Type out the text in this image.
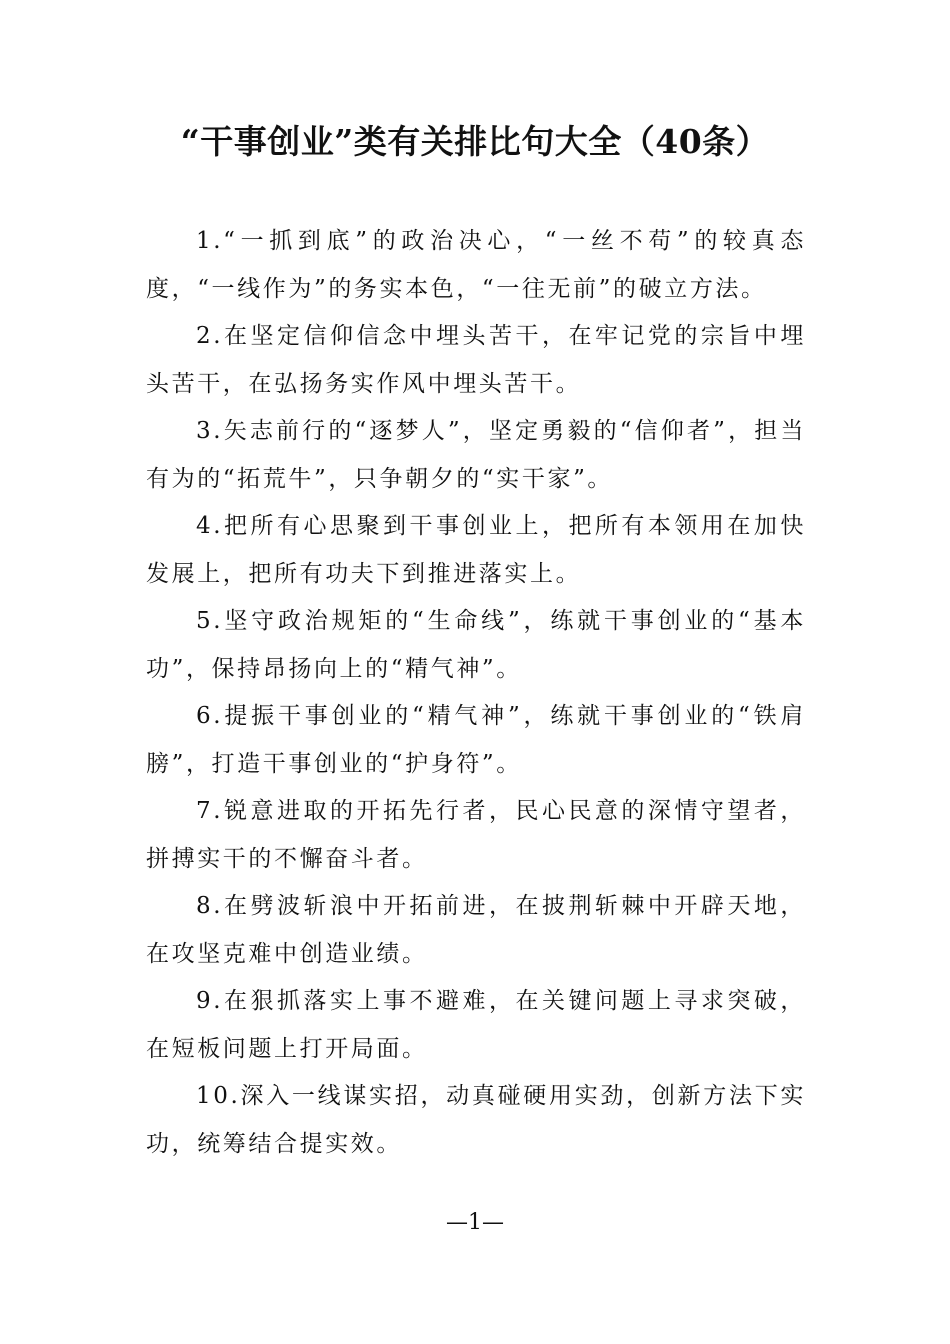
“干事创业”类有关排比句大全（40条）

1.“一抓到底”的政治决心，“一丝不苟”的较真态度，“一线作为”的务实本色，“一往无前”的破立方法。

2.在坚定信仰信念中埋头苦干，在牢记党的宗旨中埋头苦干，在弘扬务实作风中埋头苦干。

3.矢志前行的“逐梦人”，坚定勇毅的“信仰者”，担当有为的“拓荒牛”，只争朝夕的“实干家”。

4.把所有心思聚到干事创业上，把所有本领用在加快发展上，把所有功夫下到推进落实上。

5.坚守政治规矩的“生命线”，练就干事创业的“基本功”，保持昂扬向上的“精气神”。

6.提振干事创业的“精气神”，练就干事创业的“铁肩膀”，打造干事创业的“护身符”。

7.锐意进取的开拓先行者，民心民意的深情守望者，拼搏实干的不懈奋斗者。

8.在劈波斩浪中开拓前进，在披荆斩棘中开辟天地，在攻坚克难中创造业绩。

9.在狠抓落实上事不避难，在关键问题上寻求突破，在短板问题上打开局面。

10.深入一线谋实招，动真碰硬用实劲，创新方法下实功，统筹结合提实效。

—1—
